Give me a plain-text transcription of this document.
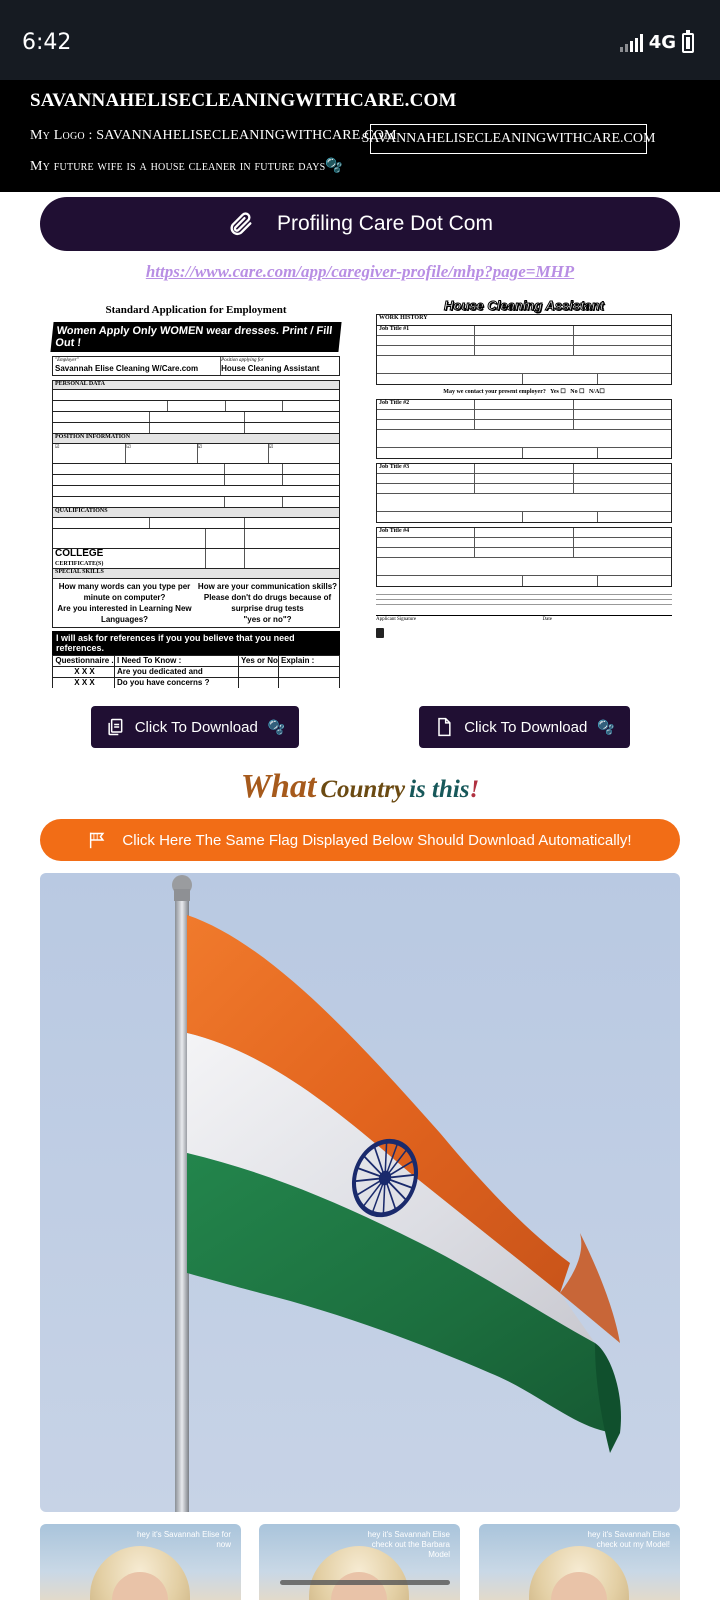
6:42	4G
SAVANNAHELISECLEANINGWITHCARE.COM
My Logo : SAVANNAHELISECLEANINGWITHCARE.COM
SAVANNAHELISECLEANINGWITHCARE.COM
My future wife is a house cleaner in future days🫧
Profiling Care Dot Com
https://www.care.com/app/caregiver-profile/mhp?page=MHP
Standard Application for Employment
Women Apply Only WOMEN wear dresses. Print / Fill Out !
"Employer"
Savannah Elise Cleaning W/Care.com
Position applying for
House Cleaning Assistant
PERSONAL DATA
POSITION INFORMATION
☑	☑	☑	☑
QUALIFICATIONS
COLLEGE
CERTIFICATE(S)
SPECIAL SKILLS
How many words can you type per minute on computer?
Are you interested in Learning New Languages?
How are your communication skills?
Please don't do drugs because of surprise drug tests
"yes or no"?
I will ask for references if you you believe that you need references.
Questionnaire . I Need To Know :	Yes or No Explain :
X X X	Are you dedicated and
X X X	Do you have concerns ?
House Cleaning Assistant
WORK HISTORY
Job Title #1
May we contact your present employer? Yes ☐   No ☐   N/A☐
Job Title #2
Job Title #3
Job Title #4
Applicant Signature	Date
Click To Download 🫧	Click To Download 🫧
What Country is this!
Click Here The Same Flag Displayed Below Should Download Automatically!
hey it's Savannah Elise for now
hey it's Savannah Elise check out the Barbara Model
hey it's Savannah Elise check out my Model!
